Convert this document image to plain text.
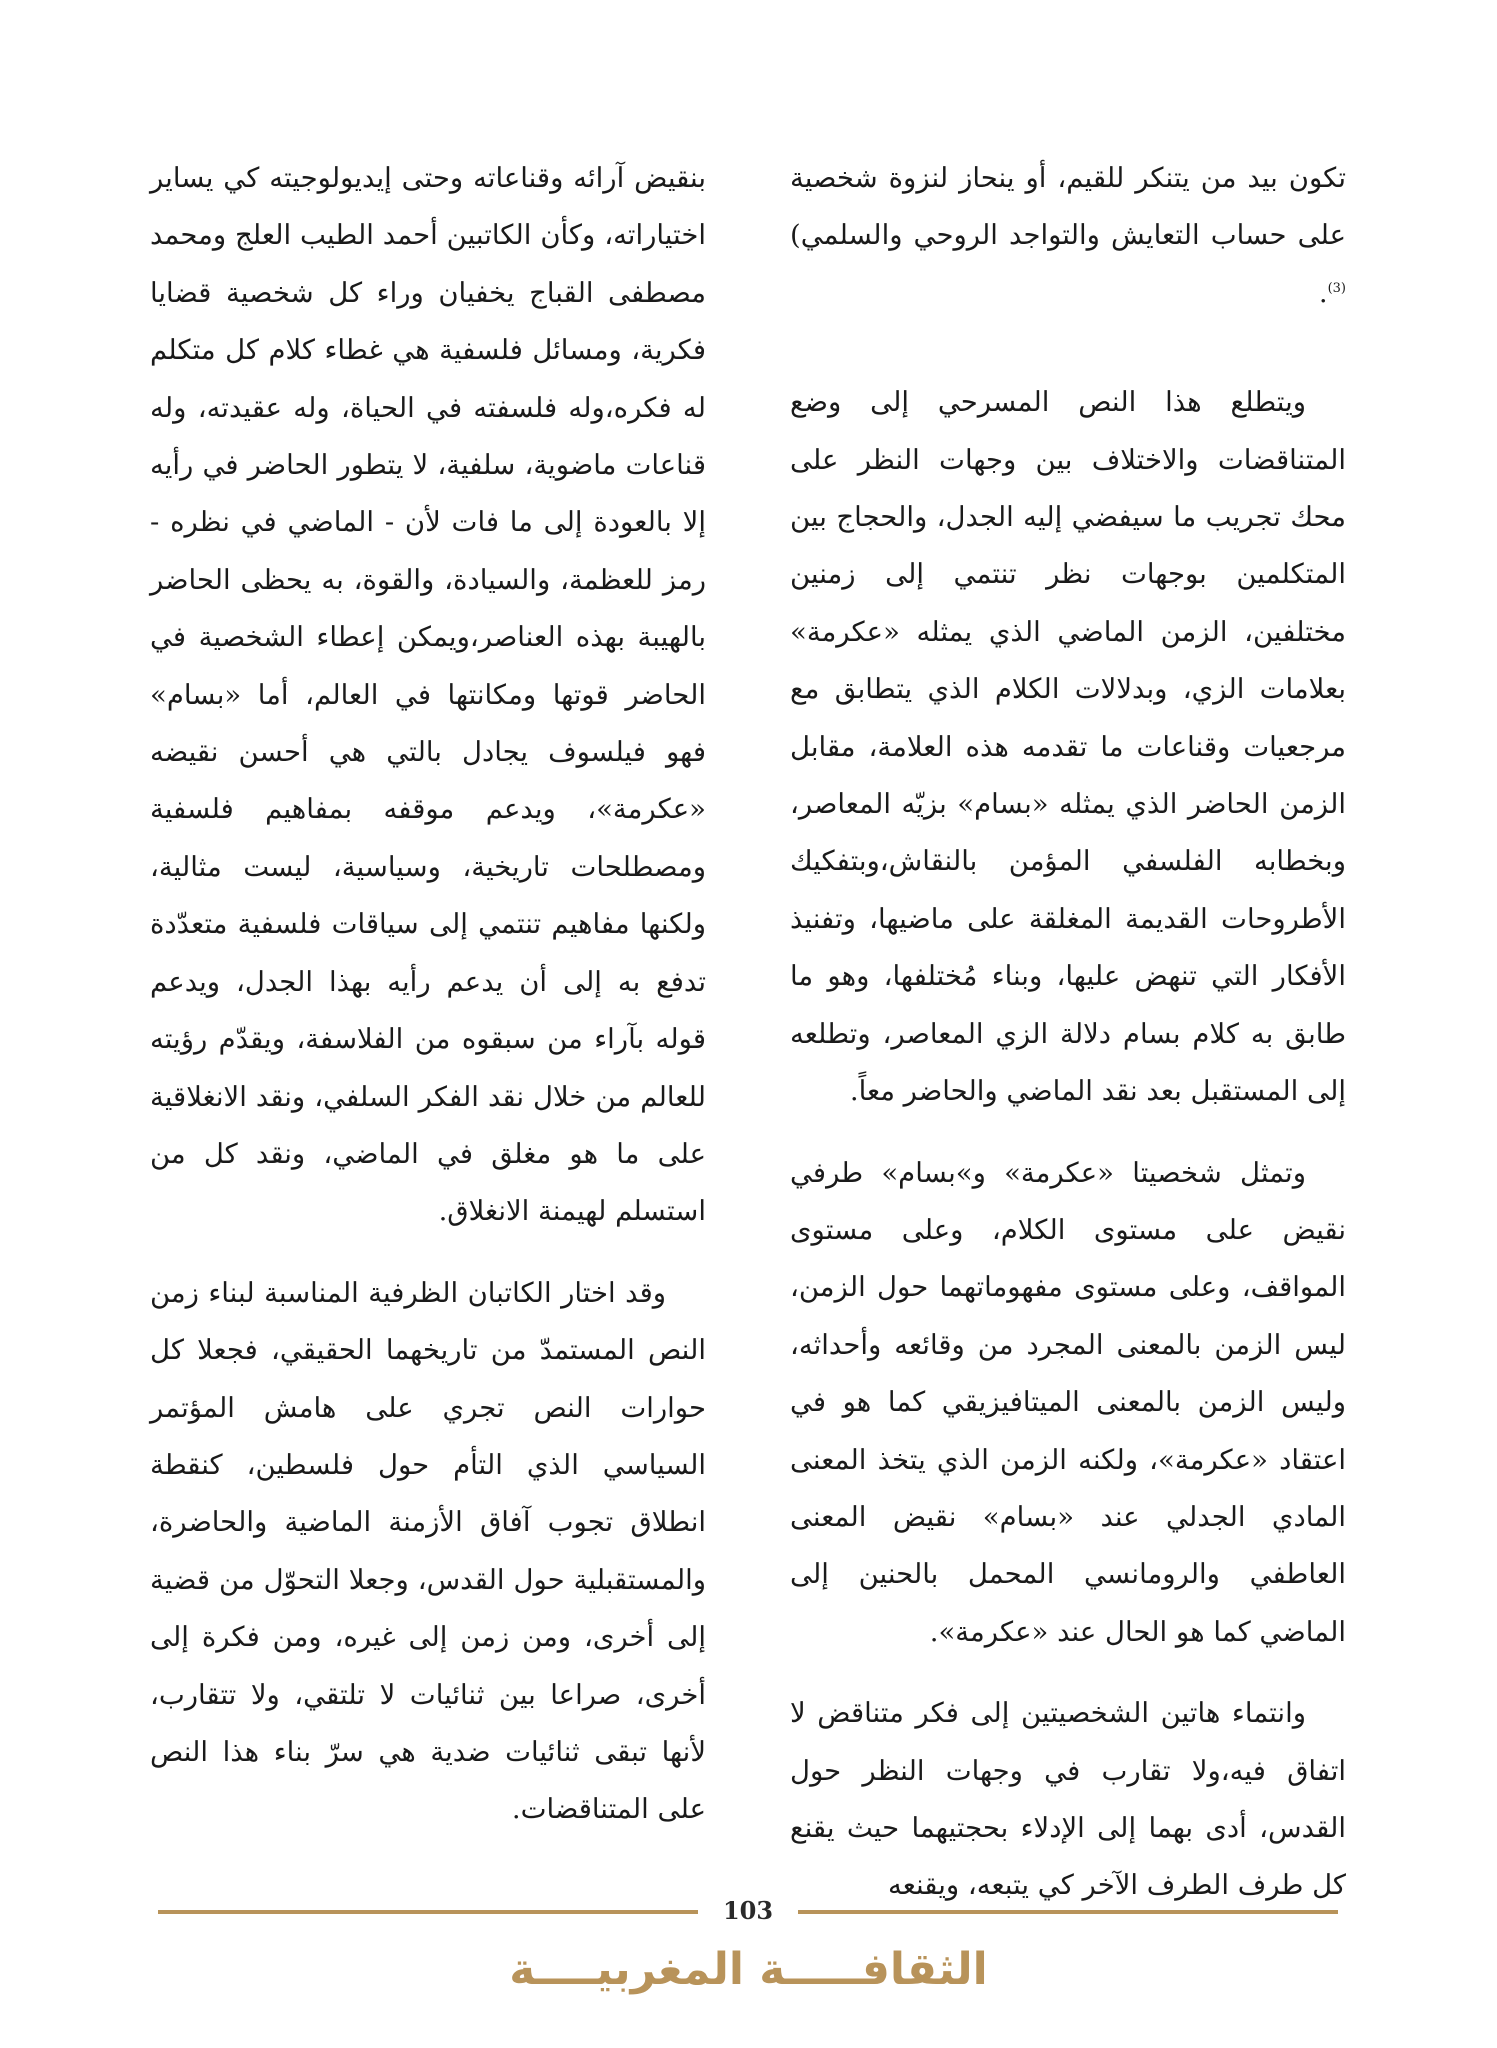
تكون بيد من يتنكر للقيم، أو ينحاز لنزوة شخصية على حساب التعايش والتواجد الروحي والسلمي)$^{(3)}$.

ويتطلع هذا النص المسرحي إلى وضع المتناقضات والاختلاف بين وجهات النظر على محك تجريب ما سيفضي إليه الجدل، والحجاج بين المتكلمين بوجهات نظر تنتمي إلى زمنين مختلفين، الزمن الماضي الذي يمثله «عكرمة» بعلامات الزي، وبدلالات الكلام الذي يتطابق مع مرجعيات وقناعات ما تقدمه هذه العلامة، مقابل الزمن الحاضر الذي يمثله «بسام» بزيّه المعاصر، وبخطابه الفلسفي المؤمن بالنقاش،وبتفكيك الأطروحات القديمة المغلقة على ماضيها، وتفنيذ الأفكار التي تنهض عليها، وبناء مُختلفها، وهو ما طابق به كلام بسام دلالة الزي المعاصر، وتطلعه إلى المستقبل بعد نقد الماضي والحاضر معاً.

وتمثل شخصيتا «عكرمة» و»بسام» طرفي نقيض على مستوى الكلام، وعلى مستوى المواقف، وعلى مستوى مفهوماتهما حول الزمن، ليس الزمن بالمعنى المجرد من وقائعه وأحداثه، وليس الزمن بالمعنى الميتافيزيقي كما هو في اعتقاد «عكرمة»، ولكنه الزمن الذي يتخذ المعنى المادي الجدلي عند «بسام» نقيض المعنى العاطفي والرومانسي المحمل بالحنين إلى الماضي كما هو الحال عند «عكرمة».

وانتماء هاتين الشخصيتين إلى فكر متناقض لا اتفاق فيه،ولا تقارب في وجهات النظر حول القدس، أدى بهما إلى الإدلاء بحجتيهما حيث يقنع كل طرف الطرف الآخر كي يتبعه، ويقنعه

بنقيض آرائه وقناعاته وحتى إيديولوجيته كي يساير اختياراته، وكأن الكاتبين أحمد الطيب العلج ومحمد مصطفى القباج يخفيان وراء كل شخصية قضايا فكرية، ومسائل فلسفية هي غطاء كلام كل متكلم له فكره،وله فلسفته في الحياة، وله عقيدته، وله قناعات ماضوية، سلفية، لا يتطور الحاضر في رأيه إلا بالعودة إلى ما فات لأن - الماضي في نظره - رمز للعظمة، والسيادة، والقوة، به يحظى الحاضر بالهيبة بهذه العناصر،ويمكن إعطاء الشخصية في الحاضر قوتها ومكانتها في العالم، أما «بسام» فهو فيلسوف يجادل بالتي هي أحسن نقيضه «عكرمة»، ويدعم موقفه بمفاهيم فلسفية ومصطلحات تاريخية، وسياسية، ليست مثالية، ولكنها مفاهيم تنتمي إلى سياقات فلسفية متعدّدة تدفع به إلى أن يدعم رأيه بهذا الجدل، ويدعم قوله بآراء من سبقوه من الفلاسفة، ويقدّم رؤيته للعالم من خلال نقد الفكر السلفي، ونقد الانغلاقية على ما هو مغلق في الماضي، ونقد كل من استسلم لهيمنة الانغلاق.

وقد اختار الكاتبان الظرفية المناسبة لبناء زمن النص المستمدّ من تاريخهما الحقيقي، فجعلا كل حوارات النص تجري على هامش المؤتمر السياسي الذي التأم حول فلسطين، كنقطة انطلاق تجوب آفاق الأزمنة الماضية والحاضرة، والمستقبلية حول القدس، وجعلا التحوّل من قضية إلى أخرى، ومن زمن إلى غيره، ومن فكرة إلى أخرى، صراعا بين ثنائيات لا تلتقي، ولا تتقارب، لأنها تبقى ثنائيات ضدية هي سرّ بناء هذا النص على المتناقضات.

103
الثقافـــــة المغربيــــة
